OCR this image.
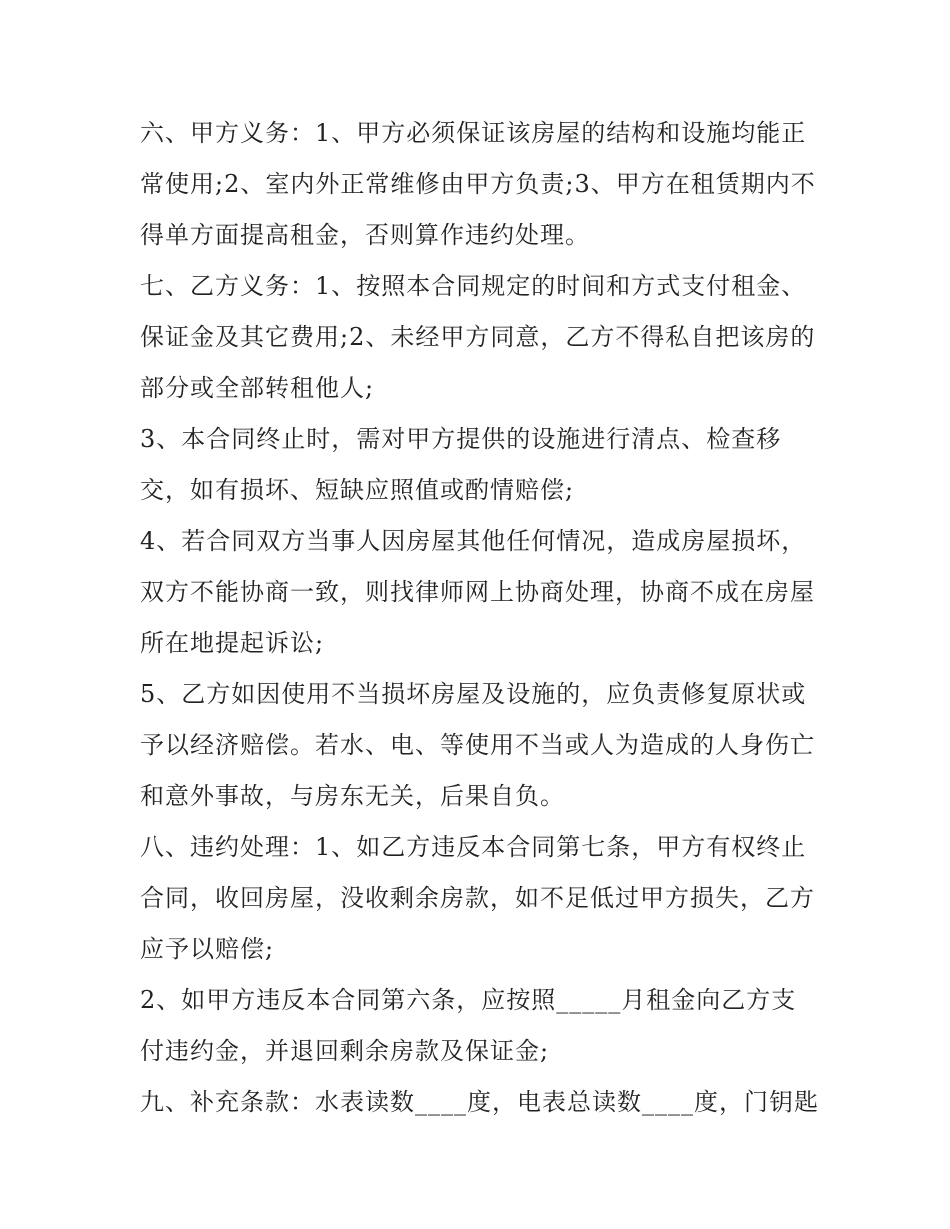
六、甲方义务：1、甲方必须保证该房屋的结构和设施均能正
常使用;2、室内外正常维修由甲方负责;3、甲方在租赁期内不
得单方面提高租金，否则算作违约处理。
七、乙方义务：1、按照本合同规定的时间和方式支付租金、
保证金及其它费用;2、未经甲方同意，乙方不得私自把该房的
部分或全部转租他人;
3、本合同终止时，需对甲方提供的设施进行清点、检查移
交，如有损坏、短缺应照值或酌情赔偿;
4、若合同双方当事人因房屋其他任何情况，造成房屋损坏，
双方不能协商一致，则找律师网上协商处理，协商不成在房屋
所在地提起诉讼;
5、乙方如因使用不当损坏房屋及设施的，应负责修复原状或
予以经济赔偿。若水、电、等使用不当或人为造成的人身伤亡
和意外事故，与房东无关，后果自负。
八、违约处理：1、如乙方违反本合同第七条，甲方有权终止
合同，收回房屋，没收剩余房款，如不足低过甲方损失，乙方
应予以赔偿;
2、如甲方违反本合同第六条，应按照_____月租金向乙方支
付违约金，并退回剩余房款及保证金;
九、补充条款：水表读数____度，电表总读数____度，门钥匙
